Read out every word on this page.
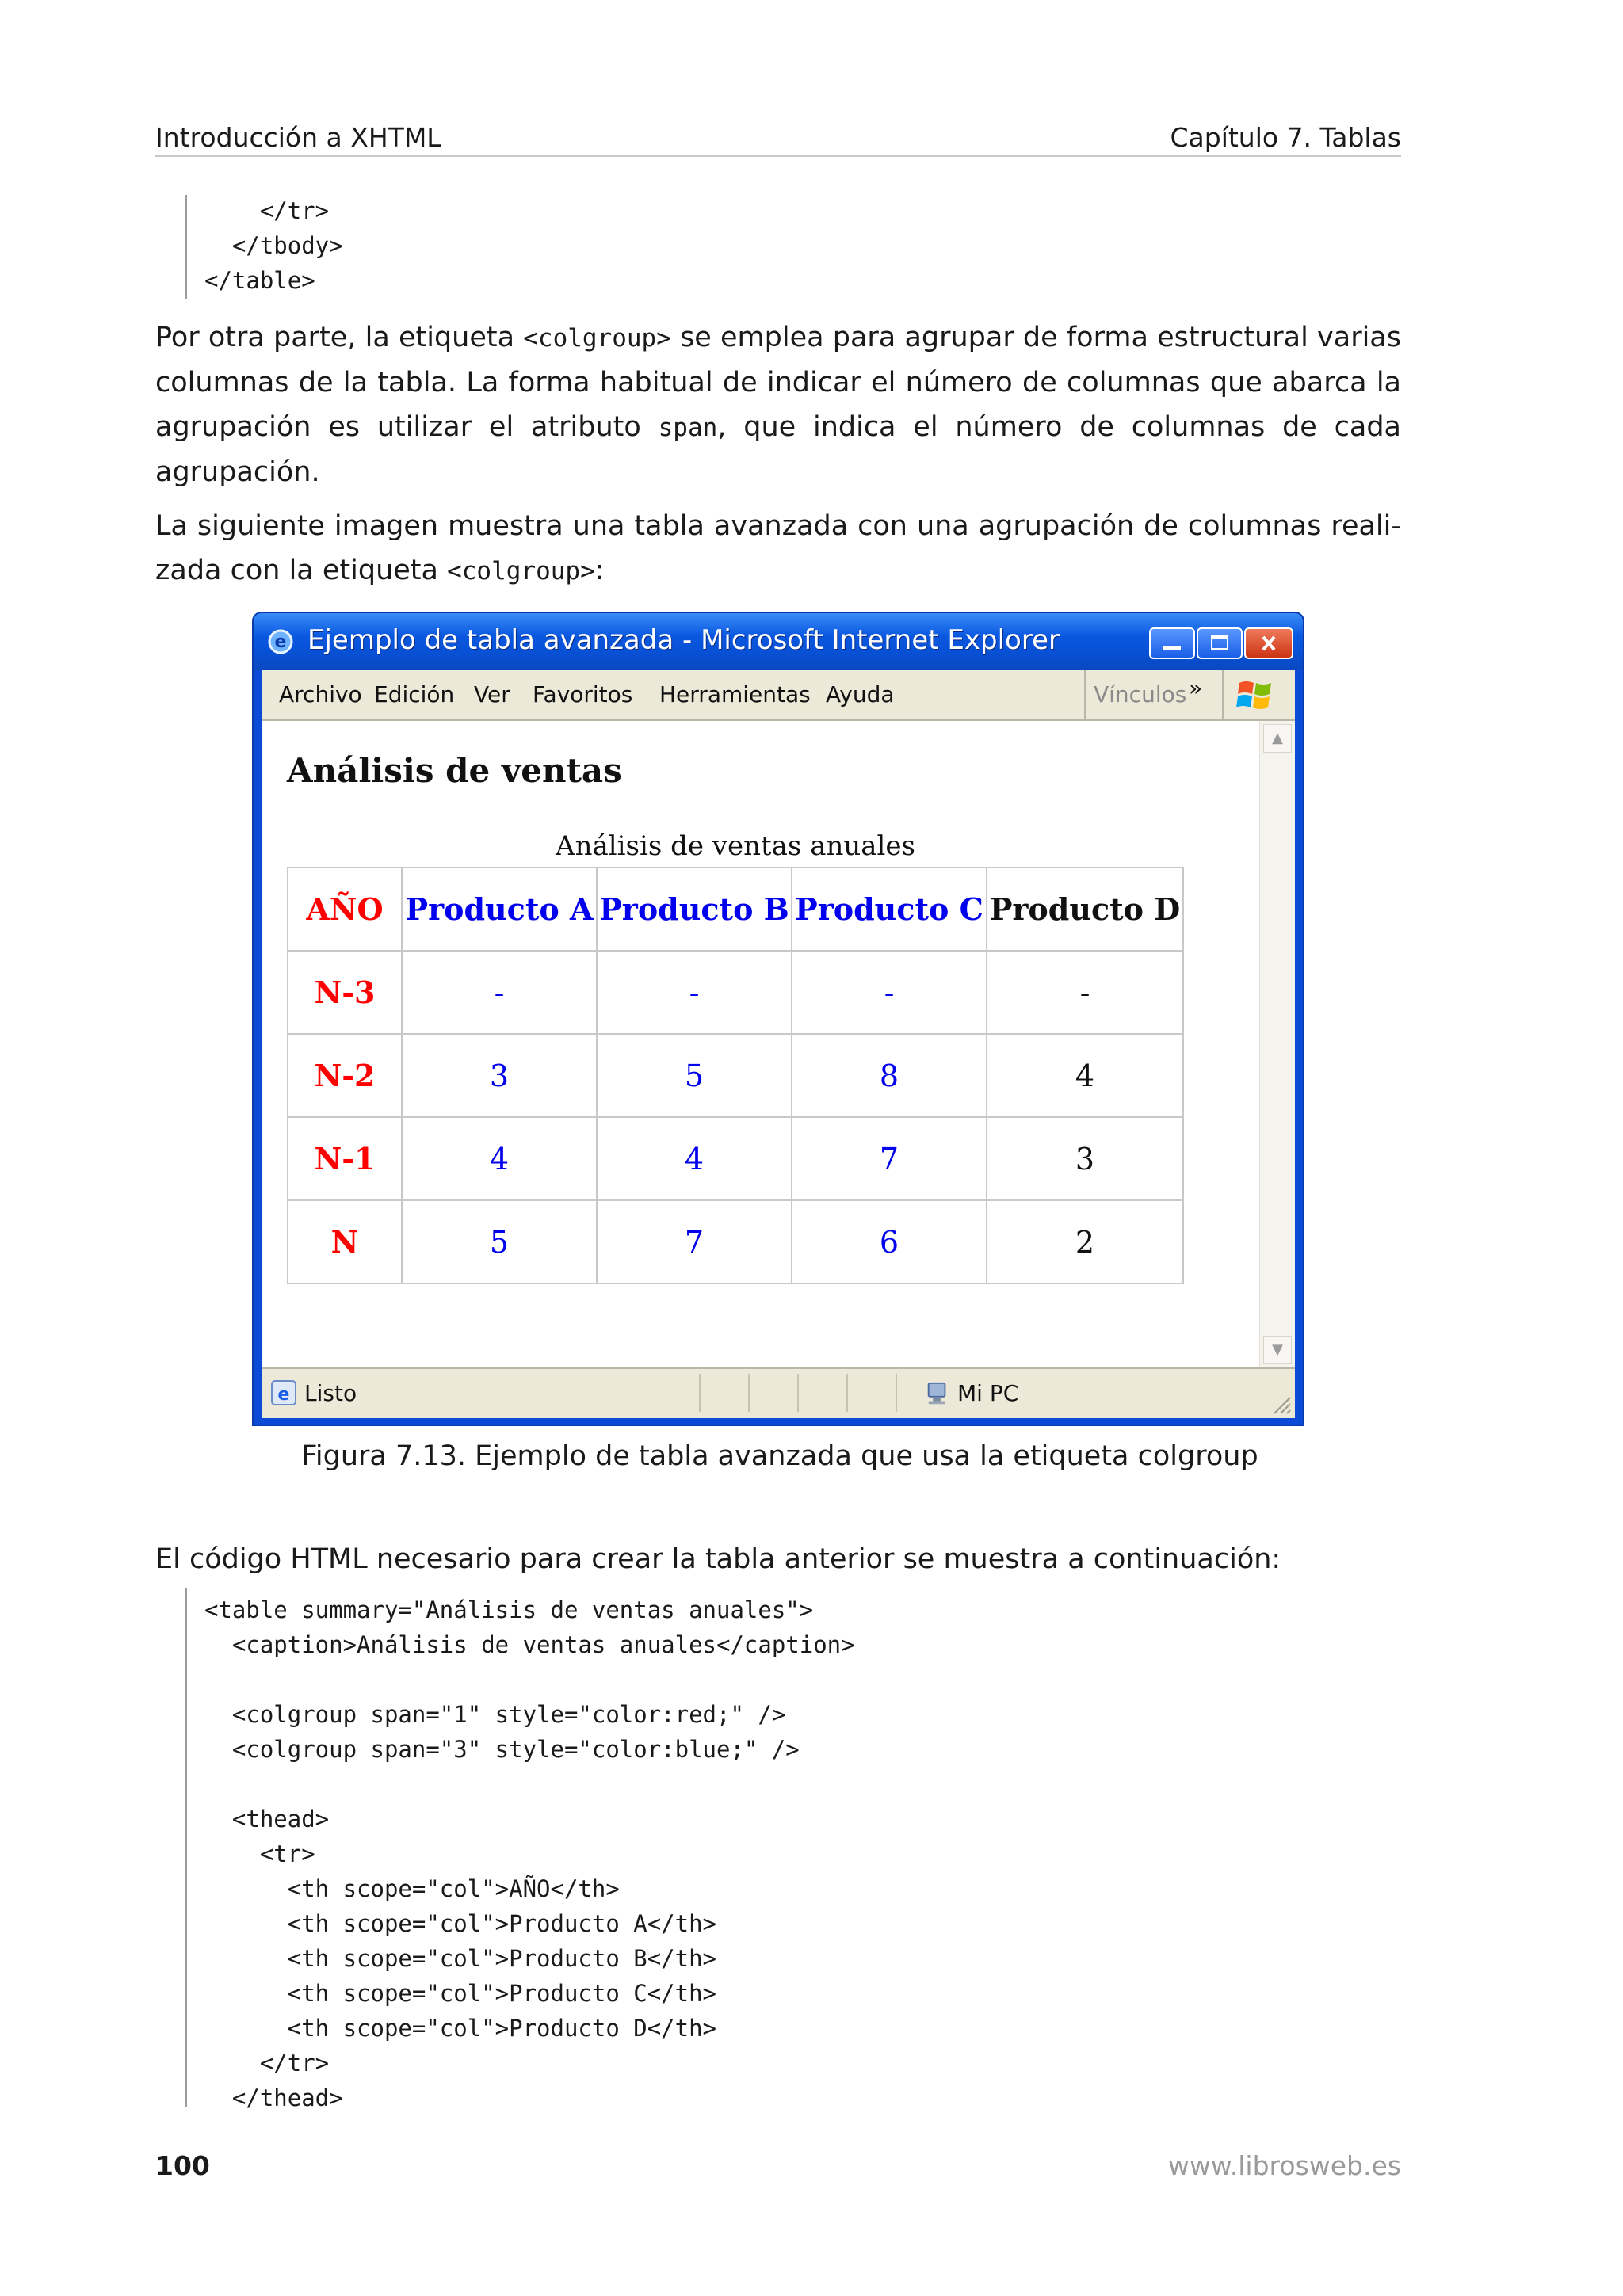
Introducción a XHTML	Capítulo 7. Tablas
</tr>
</tbody>
</table>
Por otra parte, la etiqueta <colgroup> se emplea para agrupar de forma estructural varias
columnas de la tabla. La forma habitual de indicar el número de columnas que abarca la
agrupación es utilizar el atributo span, que indica el número de columnas de cada
agrupación.
La siguiente imagen muestra una tabla avanzada con una agrupación de columnas reali-
zada con la etiqueta <colgroup>:
e Ejemplo de tabla avanzada - Microsoft Internet Explorer
Archivo Edición Ver Favoritos Herramientas Ayuda	Vínculos »
Análisis de ventas
Análisis de ventas anuales
AÑO	Producto A	Producto B	Producto C	Producto D
N-3	-	-	-	-
N-2	3	5	8	4
N-1	4	4	7	3
N	5	7	6	2
▲
▼
e Listo	Mi PC
Figura 7.13. Ejemplo de tabla avanzada que usa la etiqueta colgroup
El código HTML necesario para crear la tabla anterior se muestra a continuación:
<table summary="Análisis de ventas anuales">
<caption>Análisis de ventas anuales</caption>
<colgroup span="1" style="color:red;" />
<colgroup span="3" style="color:blue;" />
<thead>
<tr>
<th scope="col">AÑO</th>
<th scope="col">Producto A</th>
<th scope="col">Producto B</th>
<th scope="col">Producto C</th>
<th scope="col">Producto D</th>
</tr>
</thead>
100	www.librosweb.es
